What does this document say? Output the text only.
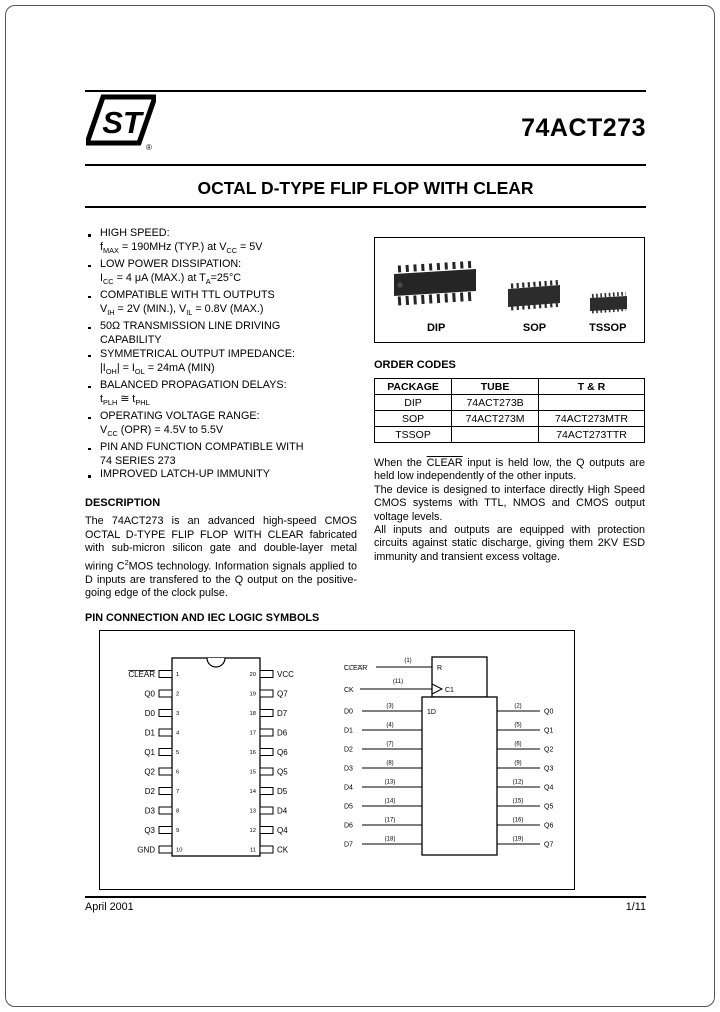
ST
®
74ACT273
OCTAL D-TYPE FLIP FLOP WITH CLEAR
HIGH SPEED:
$f_{MAX} = 190MHz$ (TYP.) at $V_{CC} = 5V$
LOW POWER DISSIPATION:
$I_{CC} = 4$ μA (MAX.) at $T_A=25^\circ C$
COMPATIBLE WITH TTL OUTPUTS
$V_{IH} = 2V$ (MIN.), $V_{IL} = 0.8V$ (MAX.)
50Ω TRANSMISSION LINE DRIVING
CAPABILITY
SYMMETRICAL OUTPUT IMPEDANCE:
$|I_{OH}| = I_{OL} = 24mA$ (MIN)
BALANCED PROPAGATION DELAYS:
$t_{PLH}$ ≅ $t_{PHL}$
OPERATING VOLTAGE RANGE:
$V_{CC}$ (OPR) = 4.5V to 5.5V
PIN AND FUNCTION COMPATIBLE WITH
74 SERIES 273
IMPROVED LATCH-UP IMMUNITY
DESCRIPTION

The 74ACT273 is an advanced high-speed CMOS OCTAL D-TYPE FLIP FLOP WITH CLEAR fabricated with sub-micron silicon gate and double-layer metal wiring $C^2MOS$ technology. Information signals applied to D inputs are transfered to the Q output on the positive-going edge of the clock pulse.

DIP	SOP	TSSOP
ORDER CODES
PACKAGE	TUBE	T & R
DIP	74ACT273B	
SOP	74ACT273M	74ACT273MTR
TSSOP		74ACT273TTR

When the CLEAR input is held low, the Q outputs are held low independently of the other inputs.

The device is designed to interface directly High Speed CMOS systems with TTL, NMOS and CMOS output voltage levels.

All inputs and outputs are equipped with protection circuits against static discharge, giving them 2KV ESD immunity and transient excess voltage.

PIN CONNECTION AND IEC LOGIC SYMBOLS
CLEAR	1
Q0	2
D0	3
D1	4
Q1	5
Q2	6
D2	7
D3	8
Q3	9
GND	10
VCC
20
Q7
19
D7
18
D6
17
Q6
16
Q5
15
D5
14
D4
13
Q4
12
CK
11
R
C1
CLEAR
(1)
CK
(11)
1D
D0
(3)
D1
(4)
D2
(7)
D3
(8)
D4
(13)
D5
(14)
D6
(17)
D7
(18)
Q0
(2)
Q1
(5)
Q2
(6)
Q3
(9)
Q4
(12)
Q5
(15)
Q6
(16)
Q7
(19)
April 2001	1/11
